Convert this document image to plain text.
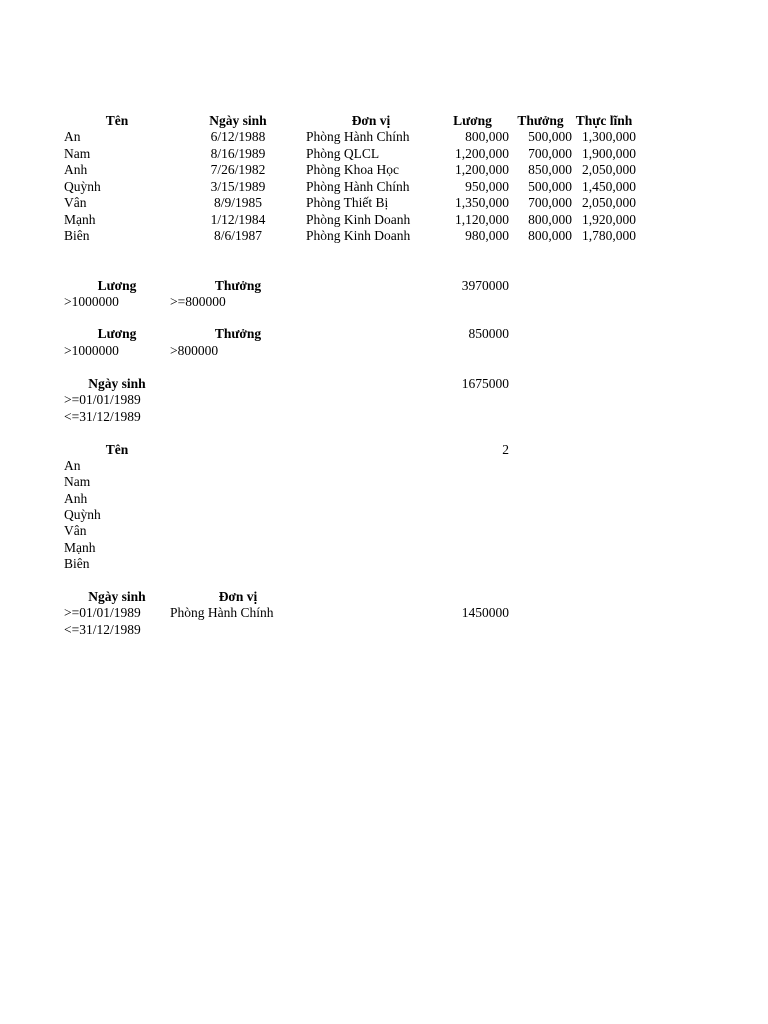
Tên	Ngày sinh	Đơn vị	Lương	Thưởng Thực lĩnh
An	6/12/1988	Phòng Hành Chính	800,000	500,000 1,300,000
Nam	8/16/1989	Phòng QLCL	1,200,000	700,000 1,900,000
Anh	7/26/1982	Phòng Khoa Học	1,200,000	850,000 2,050,000
Quỳnh	3/15/1989	Phòng Hành Chính	950,000	500,000 1,450,000
Vân	8/9/1985	Phòng Thiết Bị	1,350,000	700,000 2,050,000
Mạnh	1/12/1984	Phòng Kinh Doanh	1,120,000	800,000 1,920,000
Biên	8/6/1987	Phòng Kinh Doanh	980,000	800,000 1,780,000
Lương	Thưởng	3970000
>1000000	>=800000
Lương	Thưởng	850000
>1000000	>800000
Ngày sinh	1675000
>=01/01/1989
<=31/12/1989
Tên	2
An
Nam
Anh
Quỳnh
Vân
Mạnh
Biên
Ngày sinh	Đơn vị
>=01/01/1989	Phòng Hành Chính	1450000
<=31/12/1989
